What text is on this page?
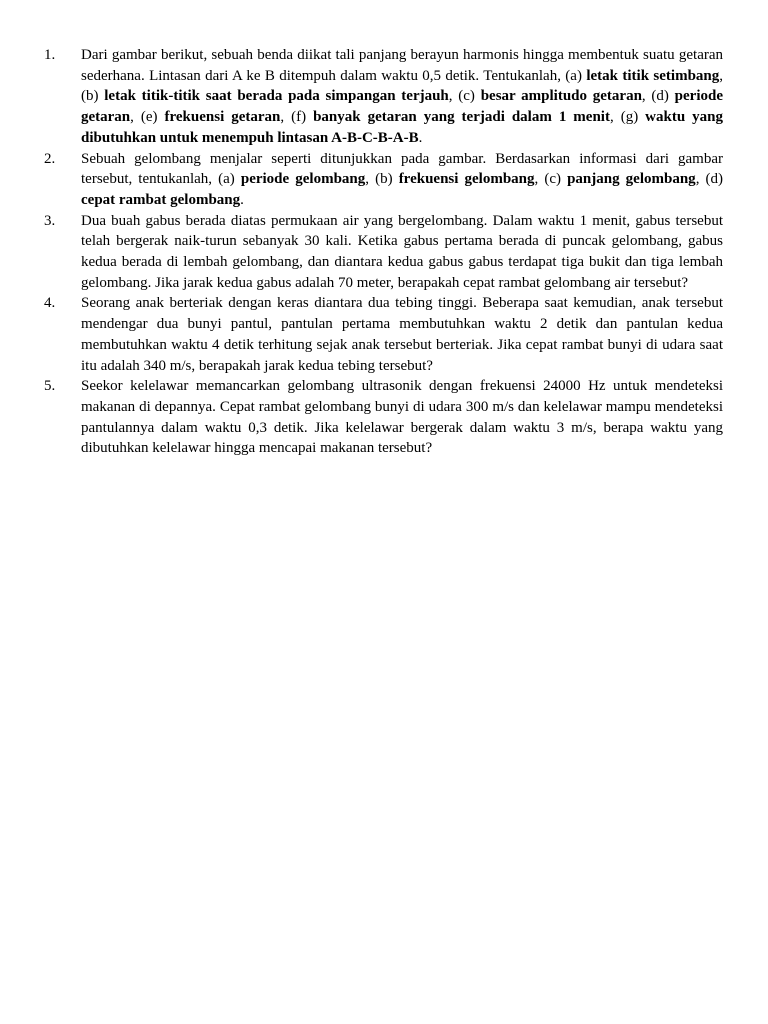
1.	Dari gambar berikut, sebuah benda diikat tali panjang berayun harmonis hingga membentuk suatu getaran sederhana. Lintasan dari A ke B ditempuh dalam waktu 0,5 detik. Tentukanlah, (a) letak titik setimbang, (b) letak titik-titik saat berada pada simpangan terjauh, (c) besar amplitudo getaran, (d) periode getaran, (e) frekuensi getaran, (f) banyak getaran yang terjadi dalam 1 menit, (g) waktu yang dibutuhkan untuk menempuh lintasan A-B-C-B-A-B.
2.	Sebuah gelombang menjalar seperti ditunjukkan pada gambar. Berdasarkan informasi dari gambar tersebut, tentukanlah, (a) periode gelombang, (b) frekuensi gelombang, (c) panjang gelombang, (d) cepat rambat gelombang.
3.	Dua buah gabus berada diatas permukaan air yang bergelombang. Dalam waktu 1 menit, gabus tersebut telah bergerak naik-turun sebanyak 30 kali. Ketika gabus pertama berada di puncak gelombang, gabus kedua berada di lembah gelombang, dan diantara kedua gabus gabus terdapat tiga bukit dan tiga lembah gelombang. Jika jarak kedua gabus adalah 70 meter, berapakah cepat rambat gelombang air tersebut?
4.	Seorang anak berteriak dengan keras diantara dua tebing tinggi. Beberapa saat kemudian, anak tersebut mendengar dua bunyi pantul, pantulan pertama membutuhkan waktu 2 detik dan pantulan kedua membutuhkan waktu 4 detik terhitung sejak anak tersebut berteriak. Jika cepat rambat bunyi di udara saat itu adalah 340 m/s, berapakah jarak kedua tebing tersebut?
5.	Seekor kelelawar memancarkan gelombang ultrasonik dengan frekuensi 24000 Hz untuk mendeteksi makanan di depannya. Cepat rambat gelombang bunyi di udara 300 m/s dan kelelawar mampu mendeteksi pantulannya dalam waktu 0,3 detik. Jika kelelawar bergerak dalam waktu 3 m/s, berapa waktu yang dibutuhkan kelelawar hingga mencapai makanan tersebut?
